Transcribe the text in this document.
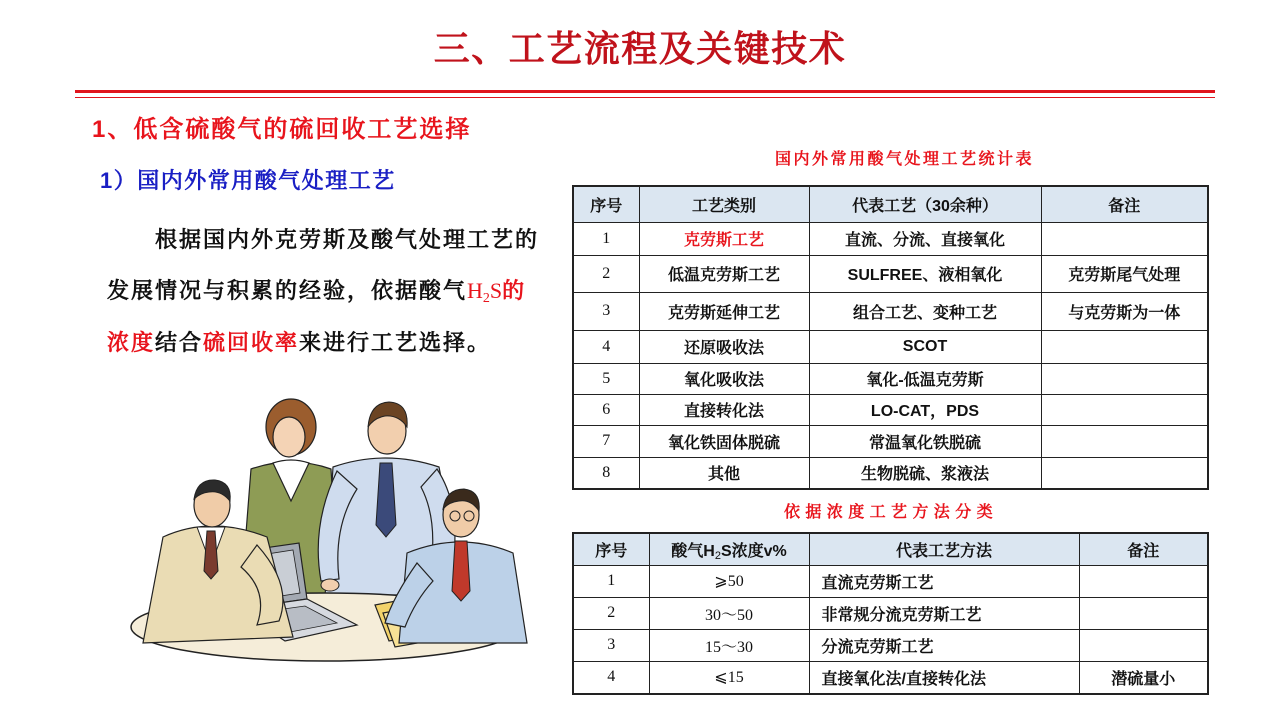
三、工艺流程及关键技术
1、低含硫酸气的硫回收工艺选择
1）国内外常用酸气处理工艺
根据国内外克劳斯及酸气处理工艺的
发展情况与积累的经验，依据酸气$H_2S$的
浓度结合硫回收率来进行工艺选择。
国内外常用酸气处理工艺统计表
序号	工艺类别	代表工艺（30余种）	备注
1	克劳斯工艺	直流、分流、直接氧化	
2	低温克劳斯工艺	SULFREE、液相氧化	克劳斯尾气处理
3	克劳斯延伸工艺	组合工艺、变种工艺	与克劳斯为一体
4	还原吸收法	SCOT	
5	氧化吸收法	氧化-低温克劳斯	
6	直接转化法	LO-CAT，PDS	
7	氧化铁固体脱硫	常温氧化铁脱硫	
8	其他	生物脱硫、浆液法	
依据浓度工艺方法分类
序号	酸气$H_2S$浓度v%	代表工艺方法	备注
1	⩾50	直流克劳斯工艺	
2	30～50	非常规分流克劳斯工艺	
3	15～30	分流克劳斯工艺	
4	⩽15	直接氧化法/直接转化法	潜硫量小
